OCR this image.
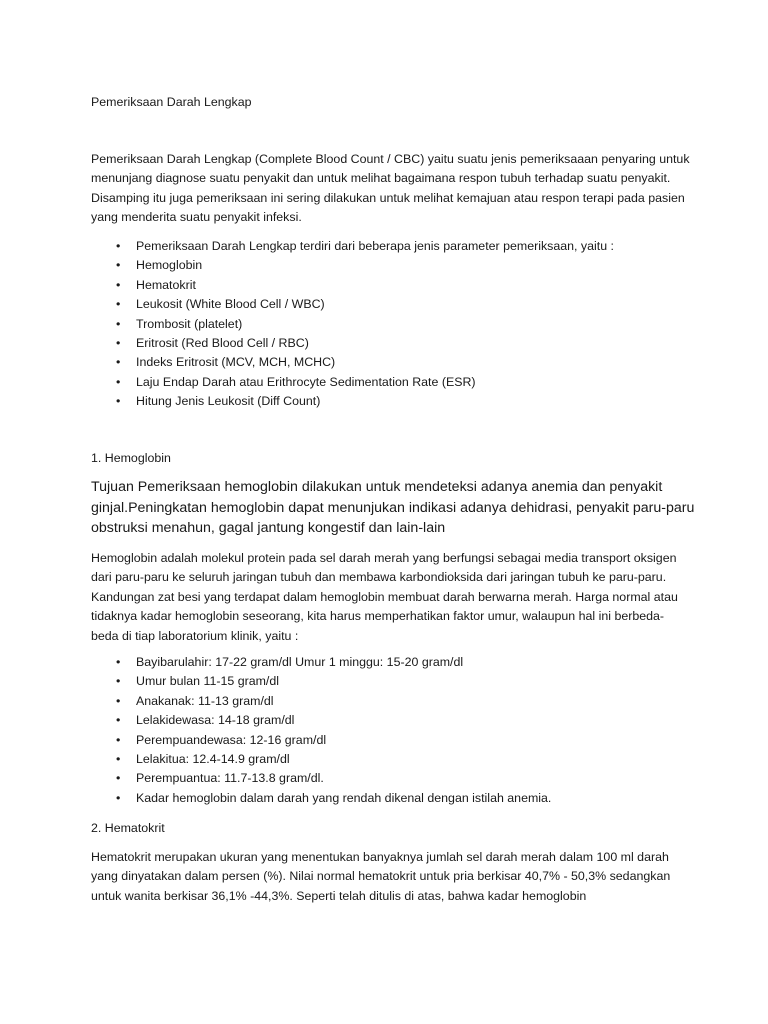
Pemeriksaan Darah Lengkap

Pemeriksaan Darah Lengkap (Complete Blood Count / CBC) yaitu suatu jenis pemeriksaaan penyaring untuk menunjang diagnose suatu penyakit dan untuk melihat bagaimana respon tubuh terhadap suatu penyakit. Disamping itu juga pemeriksaan ini sering dilakukan untuk melihat kemajuan atau respon terapi pada pasien yang menderita suatu penyakit infeksi.

• Pemeriksaan Darah Lengkap terdiri dari beberapa jenis parameter pemeriksaan, yaitu :
• Hemoglobin
• Hematokrit
• Leukosit (White Blood Cell / WBC)
• Trombosit (platelet)
• Eritrosit (Red Blood Cell / RBC)
• Indeks Eritrosit (MCV, MCH, MCHC)
• Laju Endap Darah atau Erithrocyte Sedimentation Rate (ESR)
• Hitung Jenis Leukosit (Diff Count)
1. Hemoglobin

Tujuan Pemeriksaan hemoglobin dilakukan untuk mendeteksi adanya anemia dan penyakit ginjal.Peningkatan hemoglobin dapat menunjukan indikasi adanya dehidrasi, penyakit paru-paru obstruksi menahun, gagal jantung kongestif dan lain-lain

Hemoglobin adalah molekul protein pada sel darah merah yang berfungsi sebagai media transport oksigen dari paru-paru ke seluruh jaringan tubuh dan membawa karbondioksida dari jaringan tubuh ke paru-paru. Kandungan zat besi yang terdapat dalam hemoglobin membuat darah berwarna merah. Harga normal atau tidaknya kadar hemoglobin seseorang, kita harus memperhatikan faktor umur, walaupun hal ini berbeda-beda di tiap laboratorium klinik, yaitu :

• Bayibarulahir: 17-22 gram/dl Umur 1 minggu: 15-20 gram/dl
• Umur bulan 11-15 gram/dl
• Anakanak: 11-13 gram/dl
• Lelakidewasa: 14-18 gram/dl
• Perempuandewasa: 12-16 gram/dl
• Lelakitua: 12.4-14.9 gram/dl
• Perempuantua: 11.7-13.8 gram/dl.
• Kadar hemoglobin dalam darah yang rendah dikenal dengan istilah anemia.
2. Hematokrit

Hematokrit merupakan ukuran yang menentukan banyaknya jumlah sel darah merah dalam 100 ml darah yang dinyatakan dalam persen (%). Nilai normal hematokrit untuk pria berkisar 40,7% - 50,3% sedangkan untuk wanita berkisar 36,1% -44,3%. Seperti telah ditulis di atas, bahwa kadar hemoglobin
